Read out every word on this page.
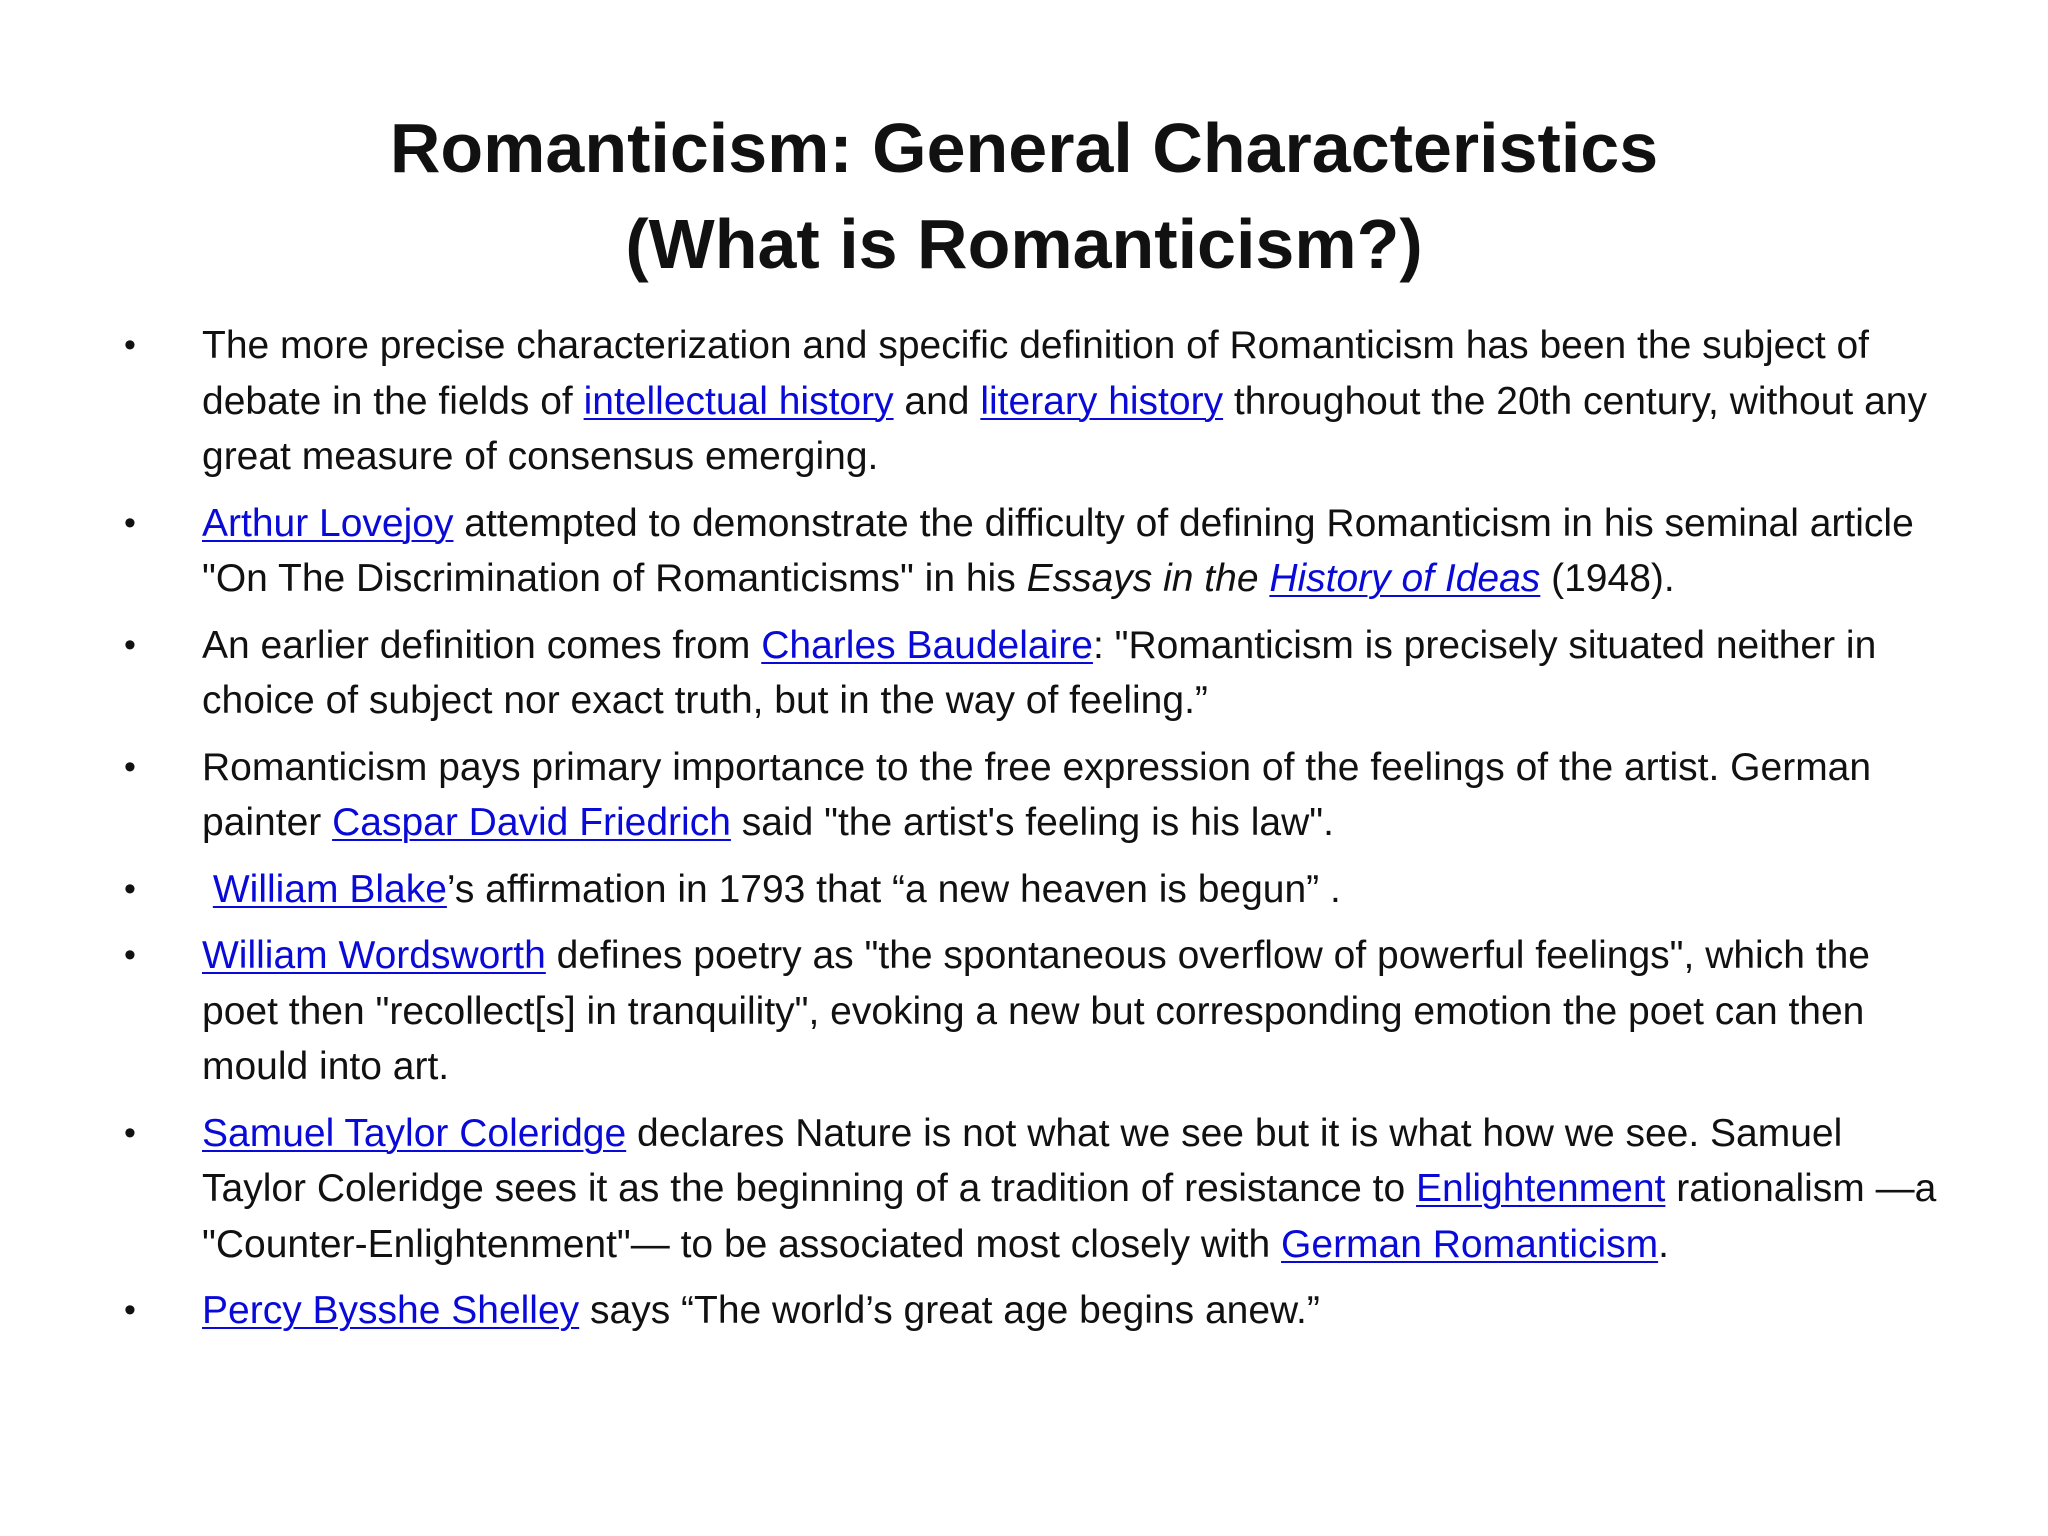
Romanticism: General Characteristics
(What is Romanticism?)
• The more precise characterization and specific definition of Romanticism has been the subject of debate in the fields of intellectual history and literary history throughout the 20th century, without any great measure of consensus emerging.
• Arthur Lovejoy attempted to demonstrate the difficulty of defining Romanticism in his seminal article "On The Discrimination of Romanticisms" in his Essays in the History of Ideas (1948).
• An earlier definition comes from Charles Baudelaire: "Romanticism is precisely situated neither in choice of subject nor exact truth, but in the way of feeling.”
• Romanticism pays primary importance to the free expression of the feelings of the artist. German painter Caspar David Friedrich said "the artist's feeling is his law".
• William Blake’s affirmation in 1793 that “a new heaven is begun” .
• William Wordsworth defines poetry as "the spontaneous overflow of powerful feelings", which the poet then "recollect[s] in tranquility", evoking a new but corresponding emotion the poet can then mould into art.
• Samuel Taylor Coleridge declares Nature is not what we see but it is what how we see. Samuel Taylor Coleridge sees it as the beginning of a tradition of resistance to Enlightenment rationalism —a "Counter-Enlightenment"— to be associated most closely with German Romanticism.
• Percy Bysshe Shelley says “The world’s great age begins anew.”
